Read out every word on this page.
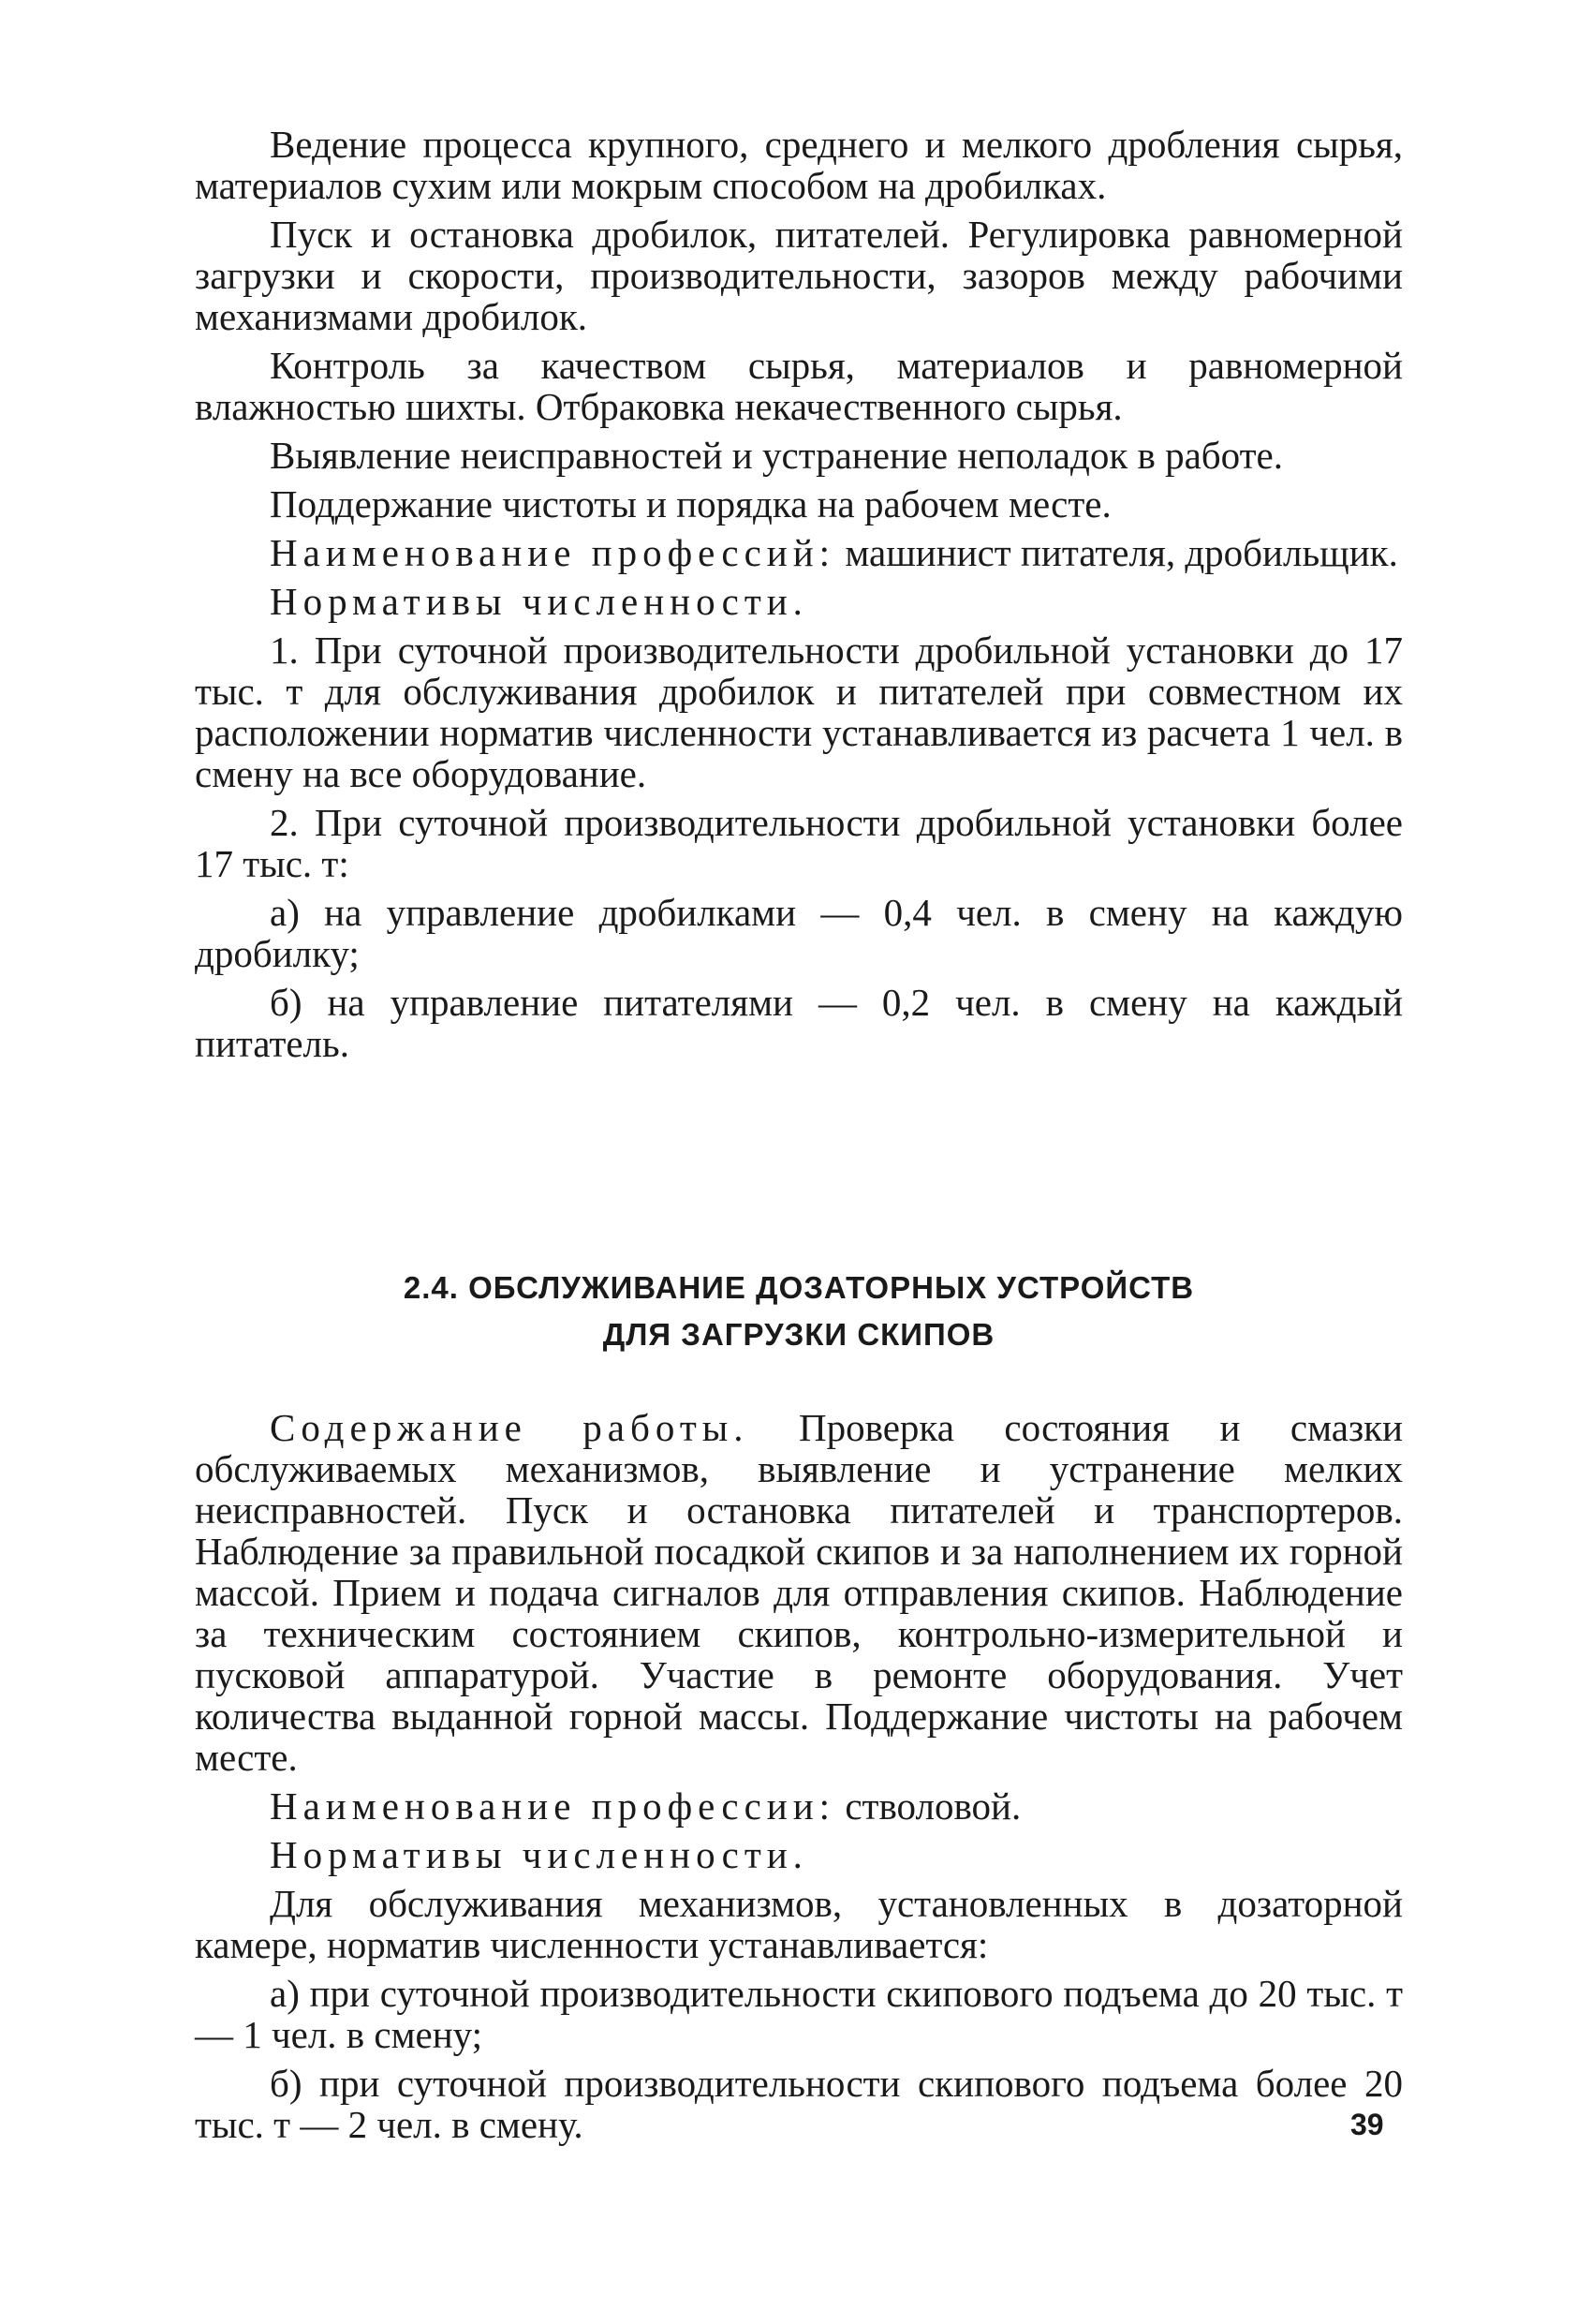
Ведение процесса крупного, среднего и мелкого дробления сырья, материалов сухим или мокрым способом на дробилках.

Пуск и остановка дробилок, питателей. Регулировка равномерной загрузки и скорости, производительности, зазоров между рабочими механизмами дробилок.

Контроль за качеством сырья, материалов и равномерной влажностью шихты. Отбраковка некачественного сырья.

Выявление неисправностей и устранение неполадок в работе.

Поддержание чистоты и порядка на рабочем месте.

Наименование профессий: машинист питателя, дробильщик.

Нормативы численности.

1. При суточной производительности дробильной установки до 17 тыс. т для обслуживания дробилок и питателей при совместном их расположении норматив численности устанавливается из расчета 1 чел. в смену на все оборудование.

2. При суточной производительности дробильной установки более 17 тыс. т:

а) на управление дробилками — 0,4 чел. в смену на каждую дробилку;

б) на управление питателями — 0,2 чел. в смену на каждый питатель.

2.4. ОБСЛУЖИВАНИЕ ДОЗАТОРНЫХ УСТРОЙСТВ
ДЛЯ ЗАГРУЗКИ СКИПОВ

Содержание работы. Проверка состояния и смазки обслуживаемых механизмов, выявление и устранение мелких неисправностей. Пуск и остановка питателей и транспортеров. Наблюдение за правильной посадкой скипов и за наполнением их горной массой. Прием и подача сигналов для отправления скипов. Наблюдение за техническим состоянием скипов, контрольно-измерительной и пусковой аппаратурой. Участие в ремонте оборудования. Учет количества выданной горной массы. Поддержание чистоты на рабочем месте.

Наименование профессии: стволовой.

Нормативы численности.

Для обслуживания механизмов, установленных в дозаторной камере, норматив численности устанавливается:

а) при суточной производительности скипового подъема до 20 тыс. т — 1 чел. в смену;

б) при суточной производительности скипового подъема более 20 тыс. т — 2 чел. в смену.	39
